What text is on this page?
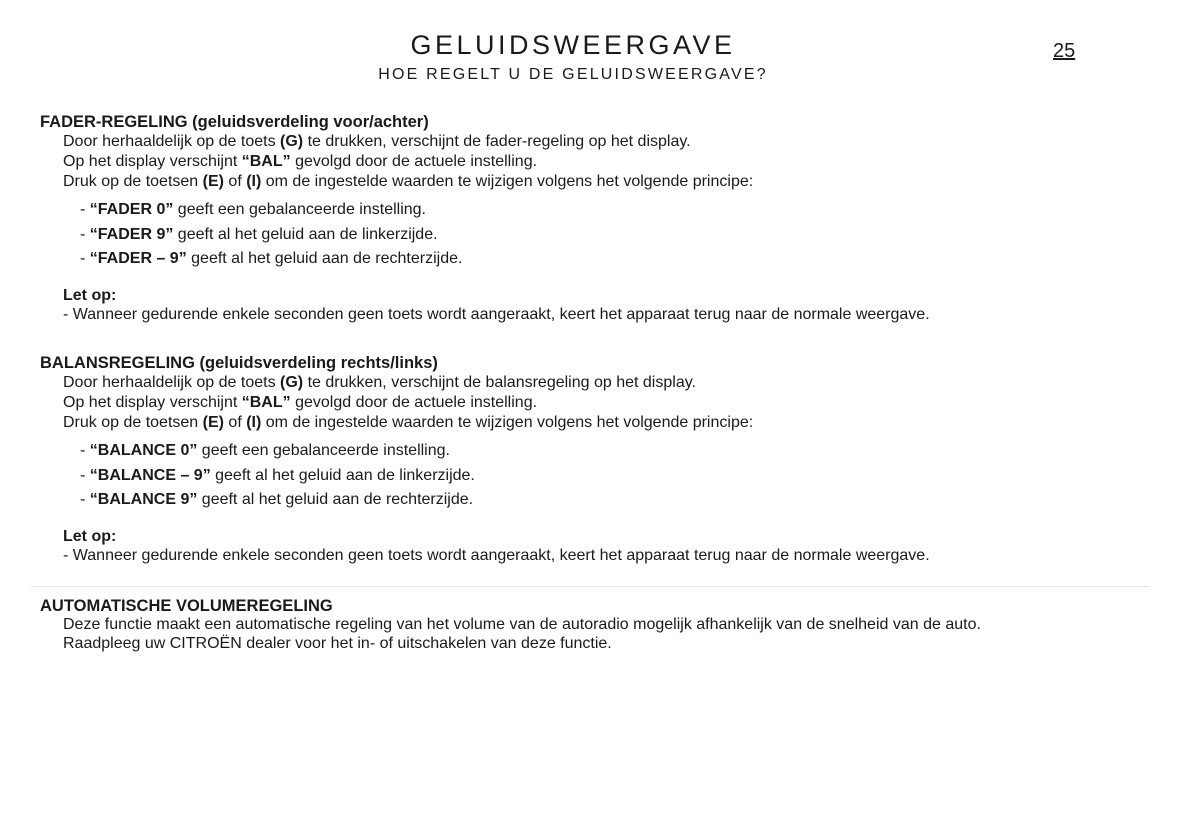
GELUIDSWEERGAVE
HOE REGELT U DE GELUIDSWEERGAVE?
25

FADER-REGELING (geluidsverdeling voor/achter)

Door herhaaldelijk op de toets (G) te drukken, verschijnt de fader-regeling op het display.

Op het display verschijnt “BAL” gevolgd door de actuele instelling.

Druk op de toetsen (E) of (I) om de ingestelde waarden te wijzigen volgens het volgende principe:

- “FADER 0” geeft een gebalanceerde instelling.
- “FADER 9” geeft al het geluid aan de linkerzijde.
- “FADER – 9” geeft al het geluid aan de rechterzijde.

Let op:

- Wanneer gedurende enkele seconden geen toets wordt aangeraakt, keert het apparaat terug naar de normale weergave.

BALANSREGELING (geluidsverdeling rechts/links)

Door herhaaldelijk op de toets (G) te drukken, verschijnt de balansregeling op het display.

Op het display verschijnt “BAL” gevolgd door de actuele instelling.

Druk op de toetsen (E) of (I) om de ingestelde waarden te wijzigen volgens het volgende principe:

- “BALANCE 0” geeft een gebalanceerde instelling.
- “BALANCE – 9” geeft al het geluid aan de linkerzijde.
- “BALANCE 9” geeft al het geluid aan de rechterzijde.

Let op:

- Wanneer gedurende enkele seconden geen toets wordt aangeraakt, keert het apparaat terug naar de normale weergave.

AUTOMATISCHE VOLUMEREGELING

Deze functie maakt een automatische regeling van het volume van de autoradio mogelijk afhankelijk van de snelheid van de auto.

Raadpleeg uw CITROËN dealer voor het in- of uitschakelen van deze functie.
